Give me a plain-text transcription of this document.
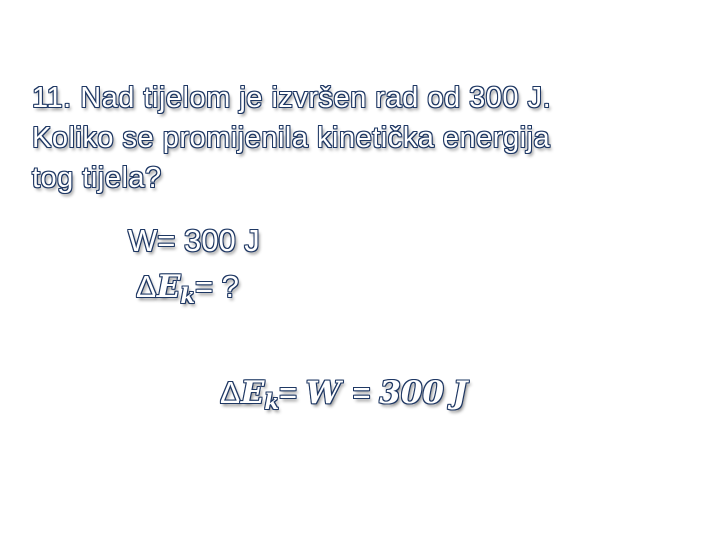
11. Nad tijelom je izvršen rad od 300 J.
Koliko se promijenila kinetička energija
tog tijela?
W= 300 J
$\Delta E_k=$ ?
$\Delta E_k= W = 300$ J
